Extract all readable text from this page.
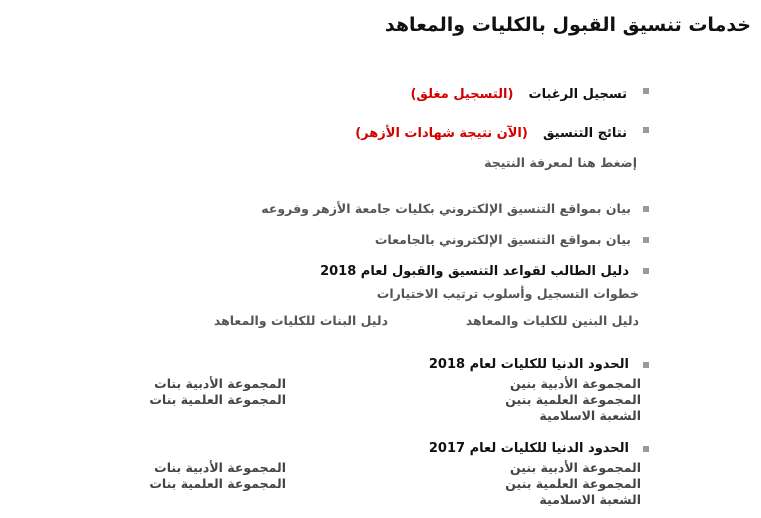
خدمات تنسيق القبول بالكليات والمعاهد
تسجيل الرغبات (التسجيل مغلق)
نتائج التنسيق (الآن نتيجة شهادات الأزهر)
إضغط هنا لمعرفة النتيجة
بيان بمواقع التنسيق الإلكتروني بكليات جامعة الأزهر وفروعه
بيان بمواقع التنسيق الإلكتروني بالجامعات
دليل الطالب لقواعد التنسيق والقبول لعام 2018
خطوات التسجيل وأسلوب ترتيب الاختيارات
دليل البنين للكليات والمعاهد
دليل البنات للكليات والمعاهد
الحدود الدنيا للكليات لعام 2018
المجموعة الأدبية بنين
المجموعة العلمية بنين
الشعبة الاسلامية
المجموعة الأدبية بنات
المجموعة العلمية بنات
الحدود الدنيا للكليات لعام 2017
المجموعة الأدبية بنين
المجموعة العلمية بنين
الشعبة الاسلامية
المجموعة الأدبية بنات
المجموعة العلمية بنات
